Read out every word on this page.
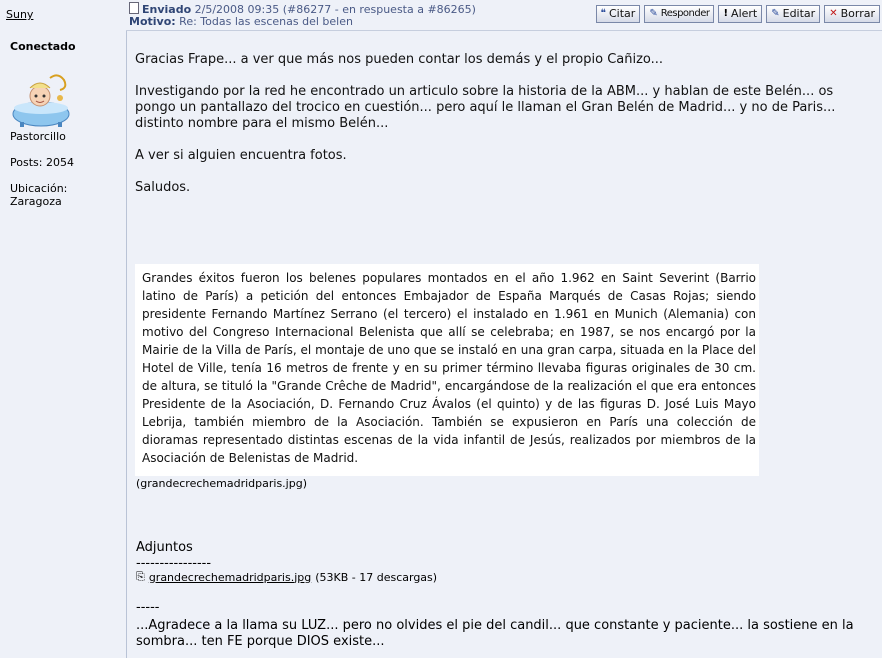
Suny
Conectado
Pastorcillo
Posts: 2054
Ubicación: Zaragoza
Enviado 2/5/2008 09:35 (#86277 - en respuesta a #86265)
Motivo: Re: Todas las escenas del belen
❝ Citar ✎ Responder ! Alert ✎ Editar ✕ Borrar

Gracias Frape... a ver que más nos pueden contar los demás y el propio Cañizo...

Investigando por la red he encontrado un articulo sobre la historia de la ABM... y hablan de este Belén... os pongo un pantallazo del trocico en cuestión... pero aquí le llaman el Gran Belén de Madrid... y no de Paris... distinto nombre para el mismo Belén...

A ver si alguien encuentra fotos.

Saludos.

Grandes éxitos fueron los belenes populares montados en el año 1.962 en Saint Severint (Barrio latino de París) a petición del entonces Embajador de España Marqués de Casas Rojas; siendo presidente Fernando Martínez Serrano (el tercero) el instalado en 1.961 en Munich (Alemania) con motivo del Congreso Internacional Belenista que allí se celebraba; en 1987, se nos encargó por la Mairie de la Villa de París, el montaje de uno que se instaló en una gran carpa, situada en la Place del Hotel de Ville, tenía 16 metros de frente y en su primer término llevaba figuras originales de 30 cm. de altura, se tituló la "Grande Crêche de Madrid", encargándose de la realización el que era entonces Presidente de la Asociación, D. Fernando Cruz Ávalos (el quinto) y de las figuras D. José Luis Mayo Lebrija, también miembro de la Asociación. También se expusieron en París una colección de dioramas representado distintas escenas de la vida infantil de Jesús, realizados por miembros de la Asociación de Belenistas de Madrid.
(grandecrechemadridparis.jpg)
Adjuntos
----------------
⎘ grandecrechemadridparis.jpg (53KB - 17 descargas)
-----
...Agradece a la llama su LUZ... pero no olvides el pie del candil... que constante y paciente... la sostiene en la sombra... ten FE porque DIOS existe...
